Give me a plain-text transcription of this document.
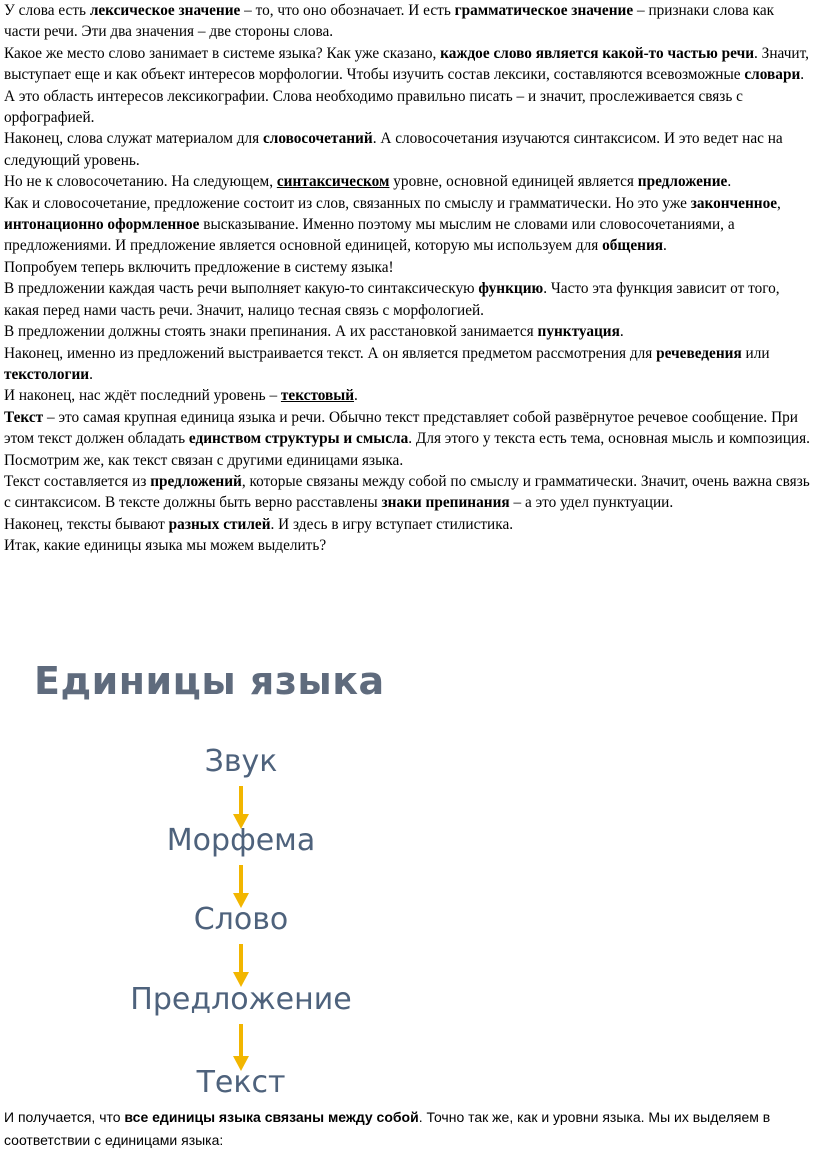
У слова есть лексическое значение – то, что оно обозначает. И есть грамматическое значение – признаки слова как части речи. Эти два значения – две стороны слова.

Какое же место слово занимает в системе языка? Как уже сказано, каждое слово является какой-то частью речи. Значит, выступает еще и как объект интересов морфологии. Чтобы изучить состав лексики, составляются всевозможные словари. А это область интересов лексикографии. Слова необходимо правильно писать – и значит, прослеживается связь с орфографией.

Наконец, слова служат материалом для словосочетаний. А словосочетания изучаются синтаксисом. И это ведет нас на следующий уровень.

Но не к словосочетанию. На следующем, синтаксическом уровне, основной единицей является предложение.

Как и словосочетание, предложение состоит из слов, связанных по смыслу и грамматически. Но это уже законченное, интонационно оформленное высказывание. Именно поэтому мы мыслим не словами или словосочетаниями, а предложениями. И предложение является основной единицей, которую мы используем для общения.

Попробуем теперь включить предложение в систему языка!

В предложении каждая часть речи выполняет какую-то синтаксическую функцию. Часто эта функция зависит от того, какая перед нами часть речи. Значит, налицо тесная связь с морфологией.

В предложении должны стоять знаки препинания. А их расстановкой занимается пунктуация.

Наконец, именно из предложений выстраивается текст. А он является предметом рассмотрения для речеведения или текстологии.

И наконец, нас ждёт последний уровень – текстовый.

Текст – это самая крупная единица языка и речи. Обычно текст представляет собой развёрнутое речевое сообщение. При этом текст должен обладать единством структуры и смысла. Для этого у текста есть тема, основная мысль и композиция.

Посмотрим же, как текст связан с другими единицами языка.

Текст составляется из предложений, которые связаны между собой по смыслу и грамматически. Значит, очень важна связь с синтаксисом. В тексте должны быть верно расставлены знаки препинания – а это удел пунктуации.

Наконец, тексты бывают разных стилей. И здесь в игру вступает стилистика.

Итак, какие единицы языка мы можем выделить?

Единицы языка
Звук
Морфема
Слово
Предложение
Текст

И получается, что все единицы языка связаны между собой. Точно так же, как и уровни языка. Мы их выделяем в соответствии с единицами языка:
